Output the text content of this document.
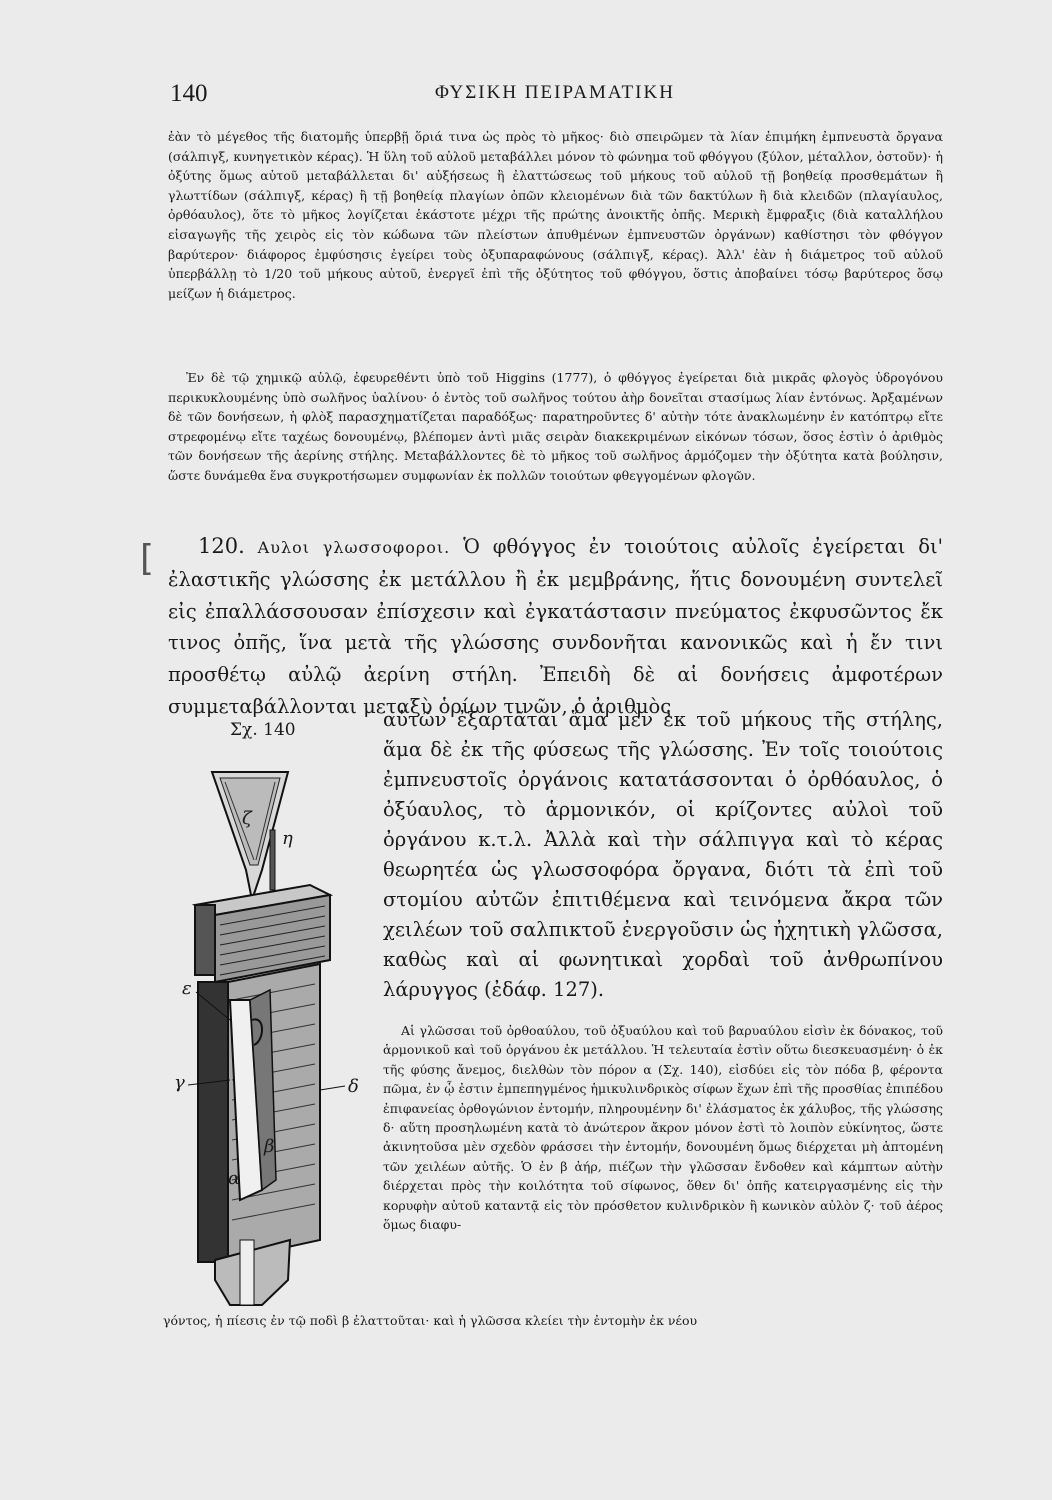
140	ΦΥΣΙΚΗ ΠΕΙΡΑΜΑΤΙΚΗ
ἐὰν τὸ μέγεθος τῆς διατομῆς ὑπερβῇ ὅριά τινα ὡς πρὸς τὸ μῆκος· διὸ σπειρῶμεν τὰ λίαν ἐπιμήκη ἐμπνευστὰ ὄργανα (σάλπιγξ, κυνηγετικὸν κέρας). Ἡ ὕλη τοῦ αὐλοῦ μεταβάλλει μόνον τὸ φώνημα τοῦ φθόγγου (ξύλον, μέταλλον, ὀστοῦν)· ἡ ὀξύτης ὅμως αὐτοῦ μεταβάλλεται δι' αὐξήσεως ἢ ἐλαττώσεως τοῦ μήκους τοῦ αὐλοῦ τῇ βοηθείᾳ προσθεμάτων ἢ γλωττίδων (σάλπιγξ, κέρας) ἢ τῇ βοηθείᾳ πλαγίων ὀπῶν κλειομένων διὰ τῶν δακτύλων ἢ διὰ κλειδῶν (πλαγίαυλος, ὀρθόαυλος), ὅτε τὸ μῆκος λογίζεται ἑκάστοτε μέχρι τῆς πρώτης ἀνοικτῆς ὀπῆς. Μερικὴ ἔμφραξις (διὰ καταλλήλου εἰσαγωγῆς τῆς χειρὸς εἰς τὸν κώδωνα τῶν πλείστων ἀπυθμένων ἐμπνευστῶν ὀργάνων) καθίστησι τὸν φθόγγον βαρύτερον· διάφορος ἐμφύσησις ἐγείρει τοὺς ὀξυπαραφώνους (σάλπιγξ, κέρας). Ἀλλ' ἐὰν ἡ διάμετρος τοῦ αὐλοῦ ὑπερβάλλῃ τὸ 1/20 τοῦ μήκους αὐτοῦ, ἐνεργεῖ ἐπὶ τῆς ὀξύτητος τοῦ φθόγγου, ὅστις ἀποβαίνει τόσῳ βαρύτερος ὅσῳ μείζων ἡ διάμετρος.
Ἐν δὲ τῷ χημικῷ αὐλῷ, ἐφευρεθέντι ὑπὸ τοῦ Higgins (1777), ὁ φθόγγος ἐγείρεται διὰ μικρᾶς φλογὸς ὑδρογόνου περικυκλουμένης ὑπὸ σωλῆνος ὑαλίνου· ὁ ἐντὸς τοῦ σωλῆνος τούτου ἀὴρ δονεῖται στασίμως λίαν ἐντόνως. Ἀρξαμένων δὲ τῶν δονήσεων, ἡ φλὸξ παρασχηματίζεται παραδόξως· παρατηροῦντες δ' αὐτὴν τότε ἀνακλωμένην ἐν κατόπτρῳ εἴτε στρεφομένῳ εἴτε ταχέως δονουμένῳ, βλέπομεν ἀντὶ μιᾶς σειρὰν διακεκριμένων εἰκόνων τόσων, ὅσος ἐστὶν ὁ ἀριθμὸς τῶν δονήσεων τῆς ἀερίνης στήλης. Μεταβάλλοντες δὲ τὸ μῆκος τοῦ σωλῆνος ἁρμόζομεν τὴν ὀξύτητα κατὰ βούλησιν, ὥστε δυνάμεθα ἕνα συγκροτήσωμεν συμφωνίαν ἐκ πολλῶν τοιούτων φθεγγομένων φλογῶν.
[	120. Αυλοι γλωσσοφοροι. Ὁ φθόγγος ἐν τοιούτοις αὐλοῖς ἐγείρεται δι' ἐλαστικῆς γλώσσης ἐκ μετάλλου ἢ ἐκ μεμβράνης, ἥτις δονουμένη συντελεῖ εἰς ἐπαλλάσσουσαν ἐπίσχεσιν καὶ ἐγκατάστασιν πνεύματος ἐκφυσῶντος ἔκ τινος ὀπῆς, ἵνα μετὰ τῆς γλώσσης συνδονῆται κανονικῶς καὶ ἡ ἔν τινι προσθέτῳ αὐλῷ ἀερίνη στήλη. Ἐπειδὴ δὲ αἱ δονήσεις ἀμφοτέρων συμμεταβάλλονται μεταξὺ ὁρίων τινῶν, ὁ ἀριθμὸς
αὐτῶν ἐξαρτᾶται ἅμα μὲν ἐκ τοῦ μήκους τῆς στήλης, ἅμα δὲ ἐκ τῆς φύσεως τῆς γλώσσης. Ἐν τοῖς τοιούτοις ἐμπνευστοῖς ὀργάνοις κατατάσσονται ὁ ὀρθόαυλος, ὁ ὀξύαυλος, τὸ ἁρμονικόν, οἱ κρίζοντες αὐλοὶ τοῦ ὀργάνου κ.τ.λ. Ἀλλὰ καὶ τὴν σάλπιγγα καὶ τὸ κέρας θεωρητέα ὡς γλωσσοφόρα ὄργανα, διότι τὰ ἐπὶ τοῦ στομίου αὐτῶν ἐπιτιθέμενα καὶ τεινόμενα ἄκρα τῶν χειλέων τοῦ σαλπικτοῦ ἐνεργοῦσιν ὡς ἠχητικὴ γλῶσσα, καθὼς καὶ αἱ φωνητικαὶ χορδαὶ τοῦ ἀνθρωπίνου λάρυγγος (ἐδάφ. 127).
Σχ. 140
ζ
η
ε
γ	δ
β
α
Αἱ γλῶσσαι τοῦ ὀρθοαύλου, τοῦ ὀξυαύλου καὶ τοῦ βαρυαύλου εἰσὶν ἐκ δόνακος, τοῦ ἁρμονικοῦ καὶ τοῦ ὀργάνου ἐκ μετάλλου. Ἡ τελευταία ἐστὶν οὕτω διεσκευασμένη· ὁ ἐκ τῆς φύσης ἄνεμος, διελθὼν τὸν πόρον α (Σχ. 140), εἰσδύει εἰς τὸν πόδα β, φέροντα πῶμα, ἐν ᾧ ἐστιν ἐμπεπηγμένος ἡμικυλινδρικὸς σίφων ἔχων ἐπὶ τῆς προσθίας ἐπιπέδου ἐπιφανείας ὀρθογώνιον ἐντομήν, πληρουμένην δι' ἐλάσματος ἐκ χάλυβος, τῆς γλώσσης δ· αὕτη προσηλωμένη κατὰ τὸ ἀνώτερον ἄκρον μόνον ἐστὶ τὸ λοιπὸν εὐκίνητος, ὥστε ἀκινητοῦσα μὲν σχεδὸν φράσσει τὴν ἐντομήν, δονουμένη ὅμως διέρχεται μὴ ἁπτομένη τῶν χειλέων αὐτῆς. Ὁ ἐν β ἀήρ, πιέζων τὴν γλῶσσαν ἔνδοθεν καὶ κάμπτων αὐτὴν διέρχεται πρὸς τὴν κοιλότητα τοῦ σίφωνος, ὅθεν δι' ὀπῆς κατειργασμένης εἰς τὴν κορυφὴν αὐτοῦ καταντᾷ εἰς τὸν πρόσθετον κυλινδρικὸν ἢ κωνικὸν αὐλὸν ζ· τοῦ ἀέρος ὅμως διαφυ-
γόντος, ἡ πίεσις ἐν τῷ ποδὶ β ἐλαττοῦται· καὶ ἡ γλῶσσα κλείει τὴν ἐντομὴν ἐκ νέου
